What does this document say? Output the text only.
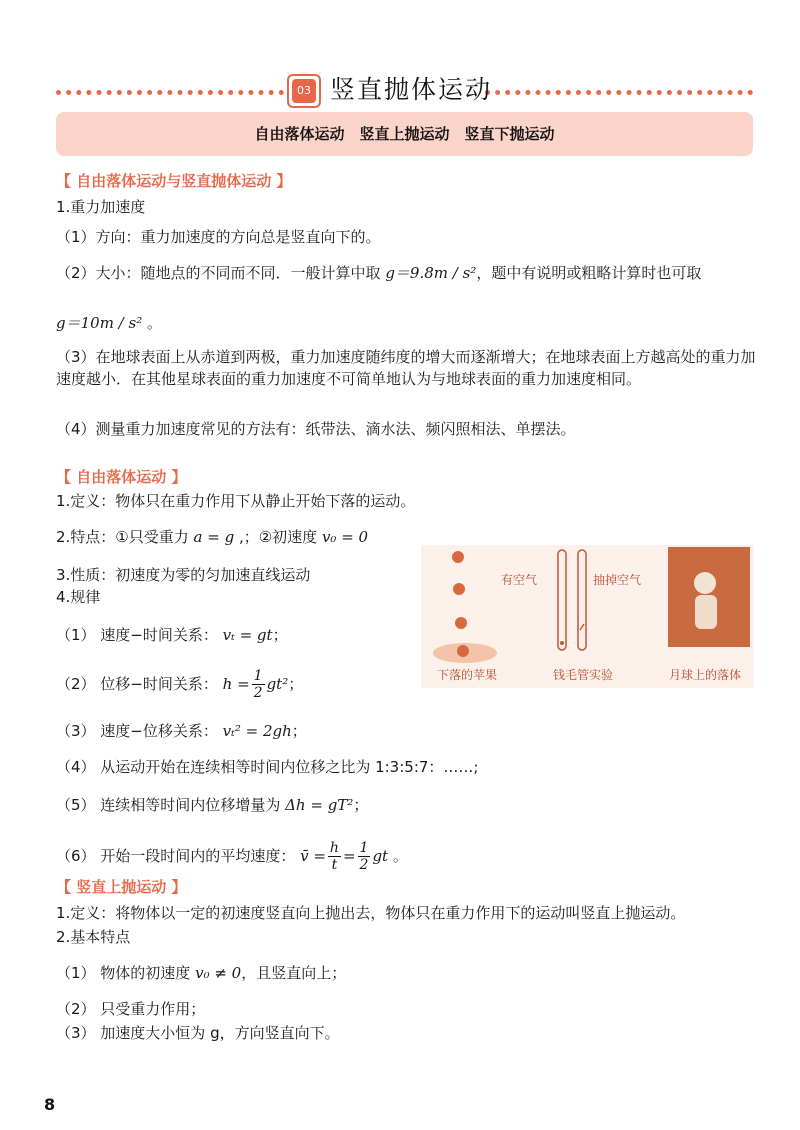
03 竖直抛体运动
自由落体运动　竖直上抛运动　竖直下抛运动
【 自由落体运动与竖直抛体运动 】
1.重力加速度
（1）方向：重力加速度的方向总是竖直向下的。
（2）大小：随地点的不同而不同．一般计算中取 g＝9.8m / s²，题中有说明或粗略计算时也可取
g＝10m / s² 。
（3）在地球表面上从赤道到两极，重力加速度随纬度的增大而逐渐增大；在地球表面上方越高处的重力加速度越小．在其他星球表面的重力加速度不可简单地认为与地球表面的重力加速度相同。
（4）测量重力加速度常见的方法有：纸带法、滴水法、频闪照相法、单摆法。
【 自由落体运动 】
1.定义：物体只在重力作用下从静止开始下落的运动。
2.特点：①只受重力 a = g ,；②初速度 v₀ = 0
3.性质：初速度为零的匀加速直线运动
4.规律
（1） 速度−时间关系： vₜ = gt；
（2） 位移−时间关系： $h = \frac{1}{2} gt^2$；
（3） 速度−位移关系： vₜ² = 2gh；
（4） 从运动开始在连续相等时间内位移之比为 1:3:5:7：……;
（5） 连续相等时间内位移增量为 Δh = gT²；
（6） 开始一段时间内的平均速度： v̄ = $\frac{h}{t} = \frac{1}{2}$ gt 。
有空气	抽掉空气
下落的苹果	钱毛管实验	月球上的落体
【 竖直上抛运动 】
1.定义：将物体以一定的初速度竖直向上抛出去，物体只在重力作用下的运动叫竖直上抛运动。
2.基本特点
（1） 物体的初速度 v₀ ≠ 0，且竖直向上；
（2） 只受重力作用；
（3） 加速度大小恒为 g，方向竖直向下。
8
